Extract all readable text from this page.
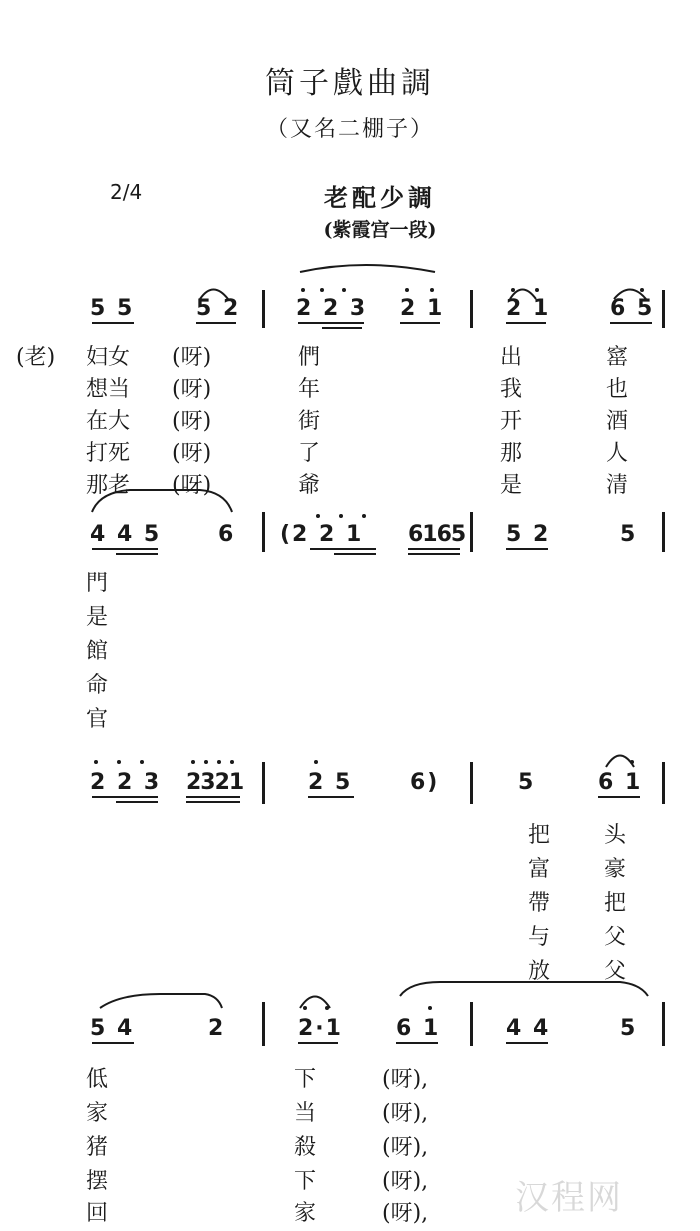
筒子戲曲調
（又名二棚子）
2/4	老配少調
(紫霞宫一段)
5 5	5 2	2 2 3 2 1	2 1	6 5
(老) 妇女 (呀)	們	出	窰
想当 (呀)	年	我	也
在大 (呀)	街	开	酒
打死 (呀)	了	那	人
那老 (呀)	爺	是	清
4 4 5	6 (2 2 1 6165 5 2	5
門
是
館
命
官
2 2 3 2321	2 5	6)	5	6 1
把 头
富 豪
帶 把
与 父
放 父
5 4	2	2·1 6 1	4 4	5
低	下	(呀),
家	当	(呀),
猪	殺	(呀),
摆	下	(呀),
回	家	(呀),	汉程网
